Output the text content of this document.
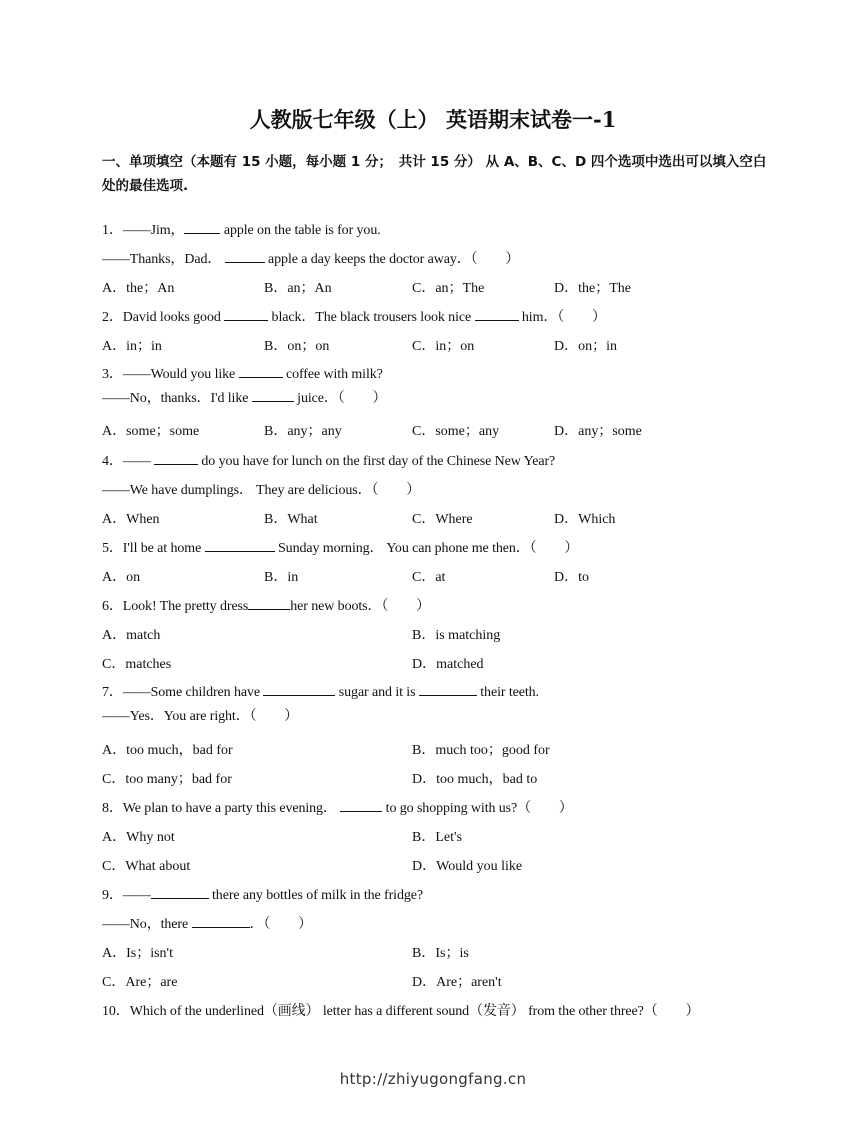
人教版七年级（上） 英语期末试卷一-1
一、单项填空（本题有 15 小题，每小题 1 分；　共计 15 分） 从 A、B、C、D 四个选项中选出可以填入空白处的最佳选项.
1．――Jim，	apple on the table is for you.
――Thanks，Dad．	apple a day keeps the doctor away．（　　）
A．the；An	B．an；An	C．an；The	D．the；The
2．David looks good	black．The black trousers look nice	him．（　　）
A．in；in	B．on；on	C．in；on	D．on；in
3．――Would you like	coffee with milk?
――No，thanks．I'd like	juice．（　　）
A．some；some	B．any；any	C．some；any	D．any；some
4．――	do you have for lunch on the first day of the Chinese New Year?
――We have dumplings． They are delicious．（　　）
A．When	B．What	C．Where	D．Which
5．I'll be at home	Sunday morning． You can phone me then．（　　）
A．on	B．in	C．at	D．to
6．Look! The pretty dress	her new boots．（　　）
A．match	B．is matching
C．matches	D．matched
7．――Some children have	sugar and it is	their teeth.
――Yes．You are right．（　　）
A．too much，bad for	B．much too；good for
C．too many；bad for	D．too much，bad to
8．We plan to have a party this evening．	to go shopping with us?（　　）
A．Why not	B．Let's
C．What about	D．Would you like
9．――	there any bottles of milk in the fridge?
――No，there	．（　　）
A．Is；isn't	B．Is；is
C．Are；are	D．Are；aren't
10．Which of the underlined（画线） letter has a different sound（发音） from the other three?（　　）
http://zhiyugongfang.cn
